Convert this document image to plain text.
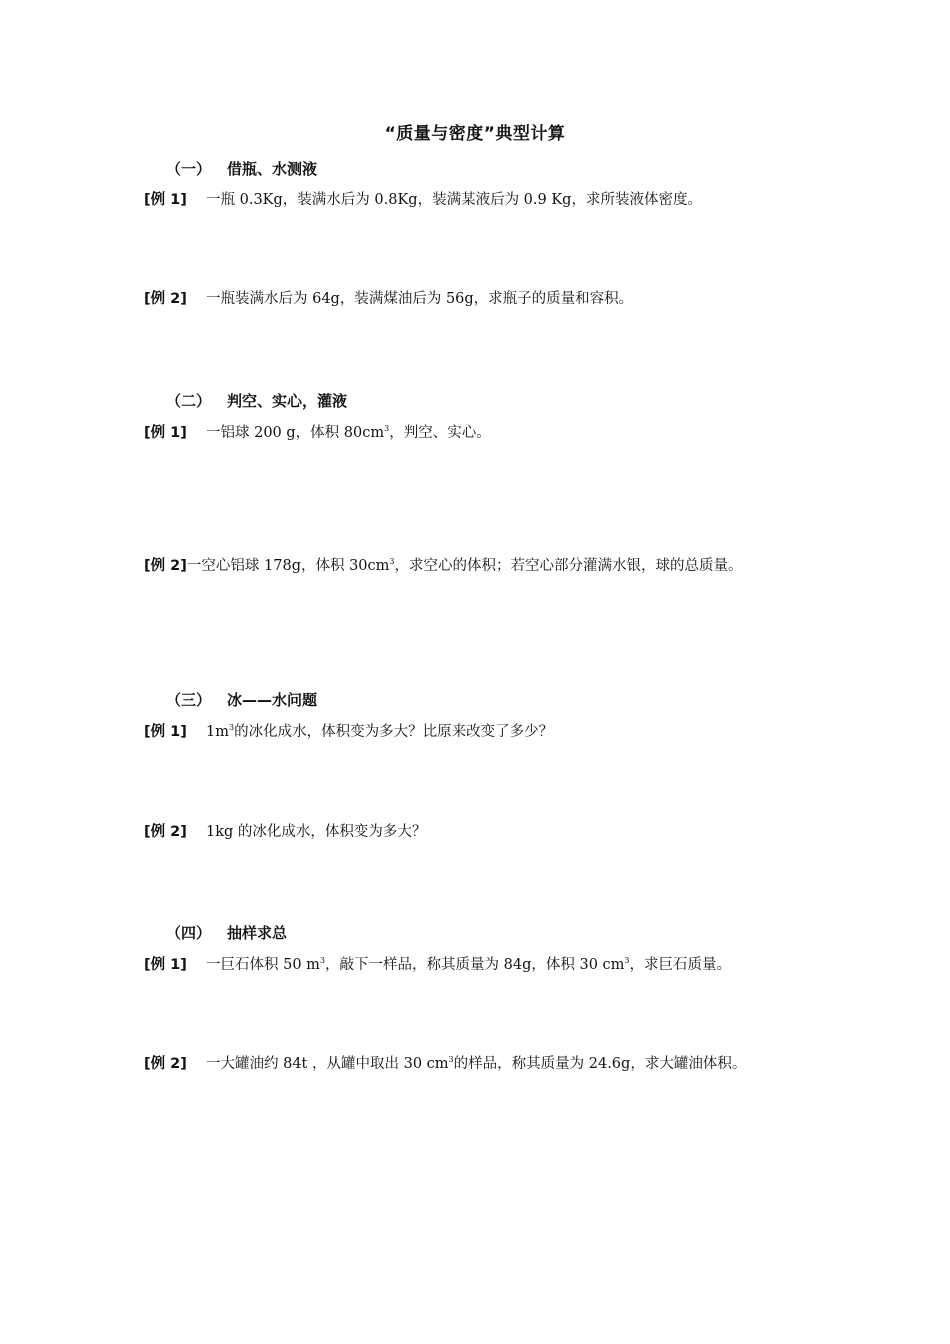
“质量与密度”典型计算
（一） 借瓶、水测液
[例 1] 一瓶 0.3Kg，装满水后为 0.8Kg，装满某液后为 0.9 Kg，求所装液体密度。
[例 2] 一瓶装满水后为 64g，装满煤油后为 56g，求瓶子的质量和容积。
（二） 判空、实心，灌液
[例 1] 一铝球 200 g，体积 $80cm^3$，判空、实心。
[例 2]一空心铝球 178g，体积 $30cm^3$，求空心的体积；若空心部分灌满水银，球的总质量。
（三） 冰——水问题
[例 1] $1m^3$的冰化成水，体积变为多大？比原来改变了多少？
[例 2] 1kg 的冰化成水，体积变为多大？
（四） 抽样求总
[例 1] 一巨石体积 50 $m^3$，敲下一样品，称其质量为 84g，体积 30 $cm^3$，求巨石质量。
[例 2] 一大罐油约 84t ，从罐中取出 30 $cm^3$的样品，称其质量为 24.6g，求大罐油体积。
